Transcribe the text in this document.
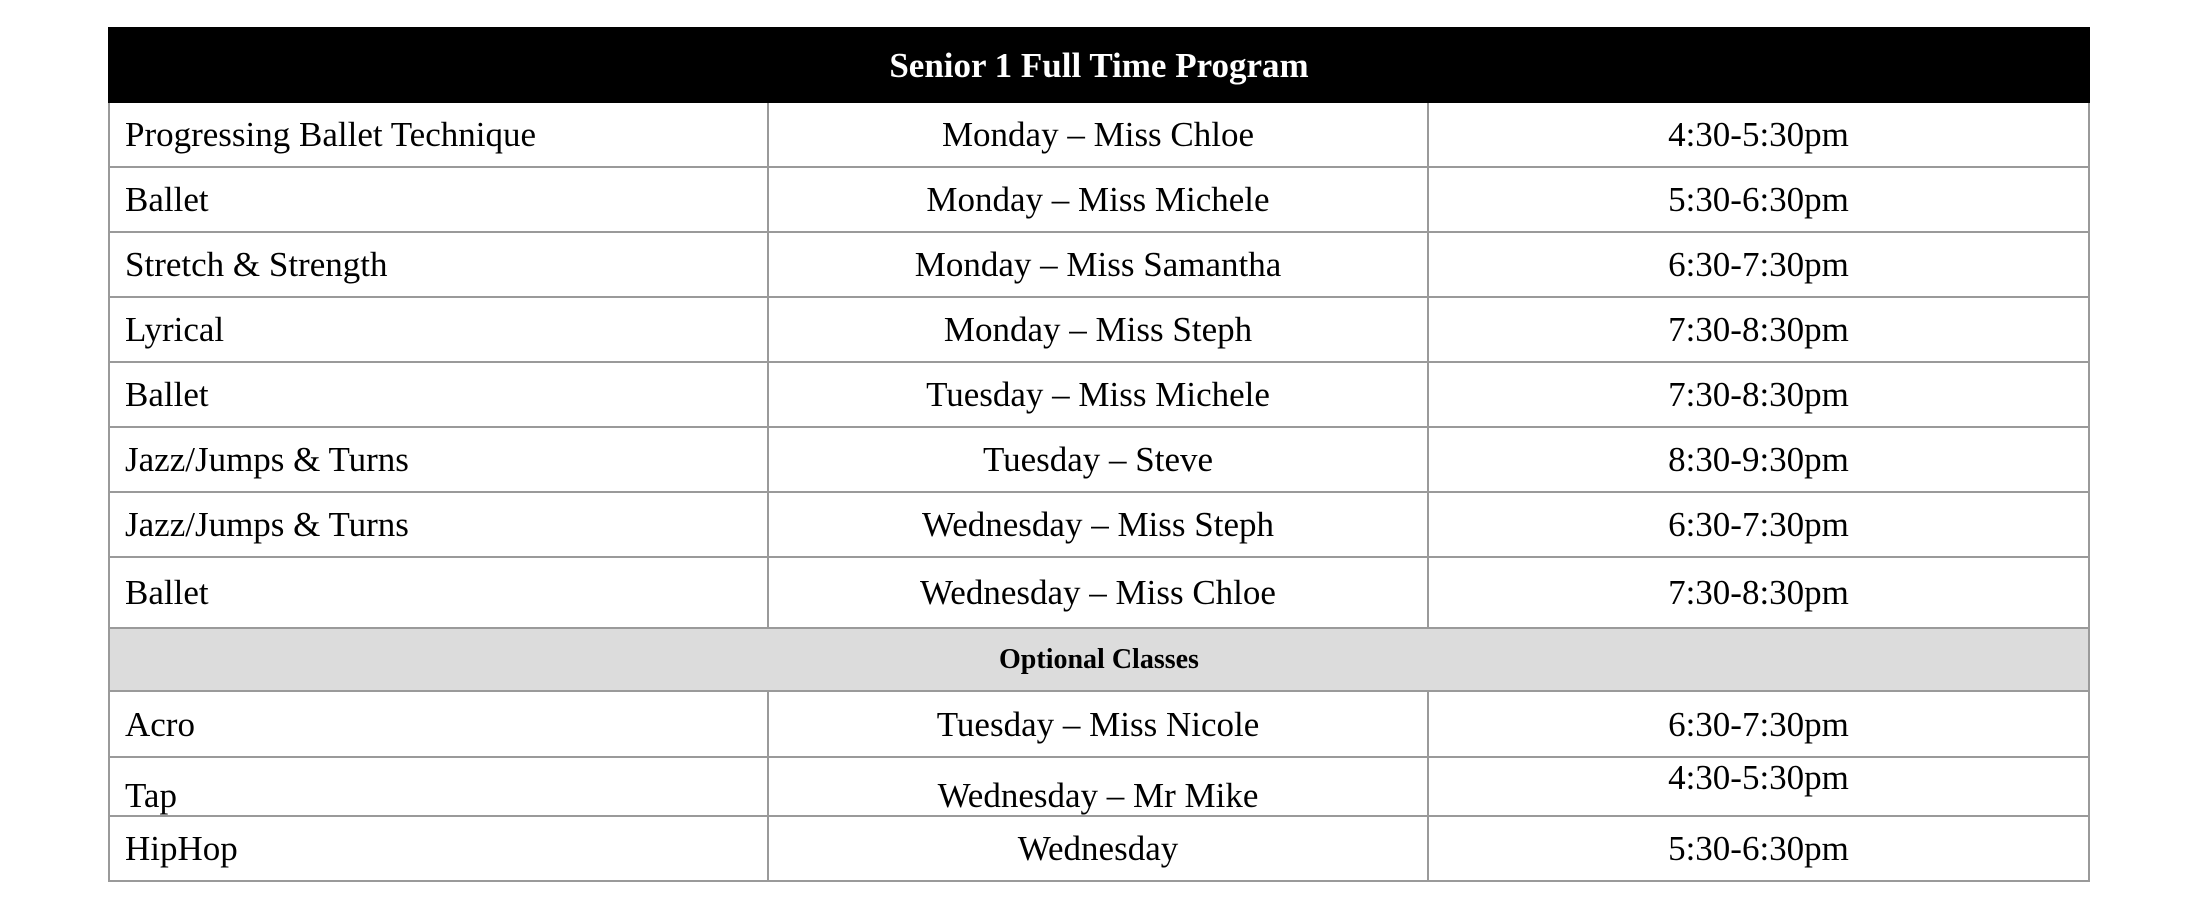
Senior 1 Full Time Program		
Progressing Ballet Technique	Monday – Miss Chloe	4:30-5:30pm
Ballet	Monday – Miss Michele	5:30-6:30pm
Stretch & Strength	Monday – Miss Samantha	6:30-7:30pm
Lyrical	Monday – Miss Steph	7:30-8:30pm
Ballet	Tuesday – Miss Michele	7:30-8:30pm
Jazz/Jumps & Turns	Tuesday – Steve	8:30-9:30pm
Jazz/Jumps & Turns	Wednesday – Miss Steph	6:30-7:30pm
Ballet	Wednesday – Miss Chloe	7:30-8:30pm
Optional Classes		
Acro	Tuesday – Miss Nicole	6:30-7:30pm
Tap	Wednesday – Mr Mike	4:30-5:30pm
HipHop	Wednesday	5:30-6:30pm
